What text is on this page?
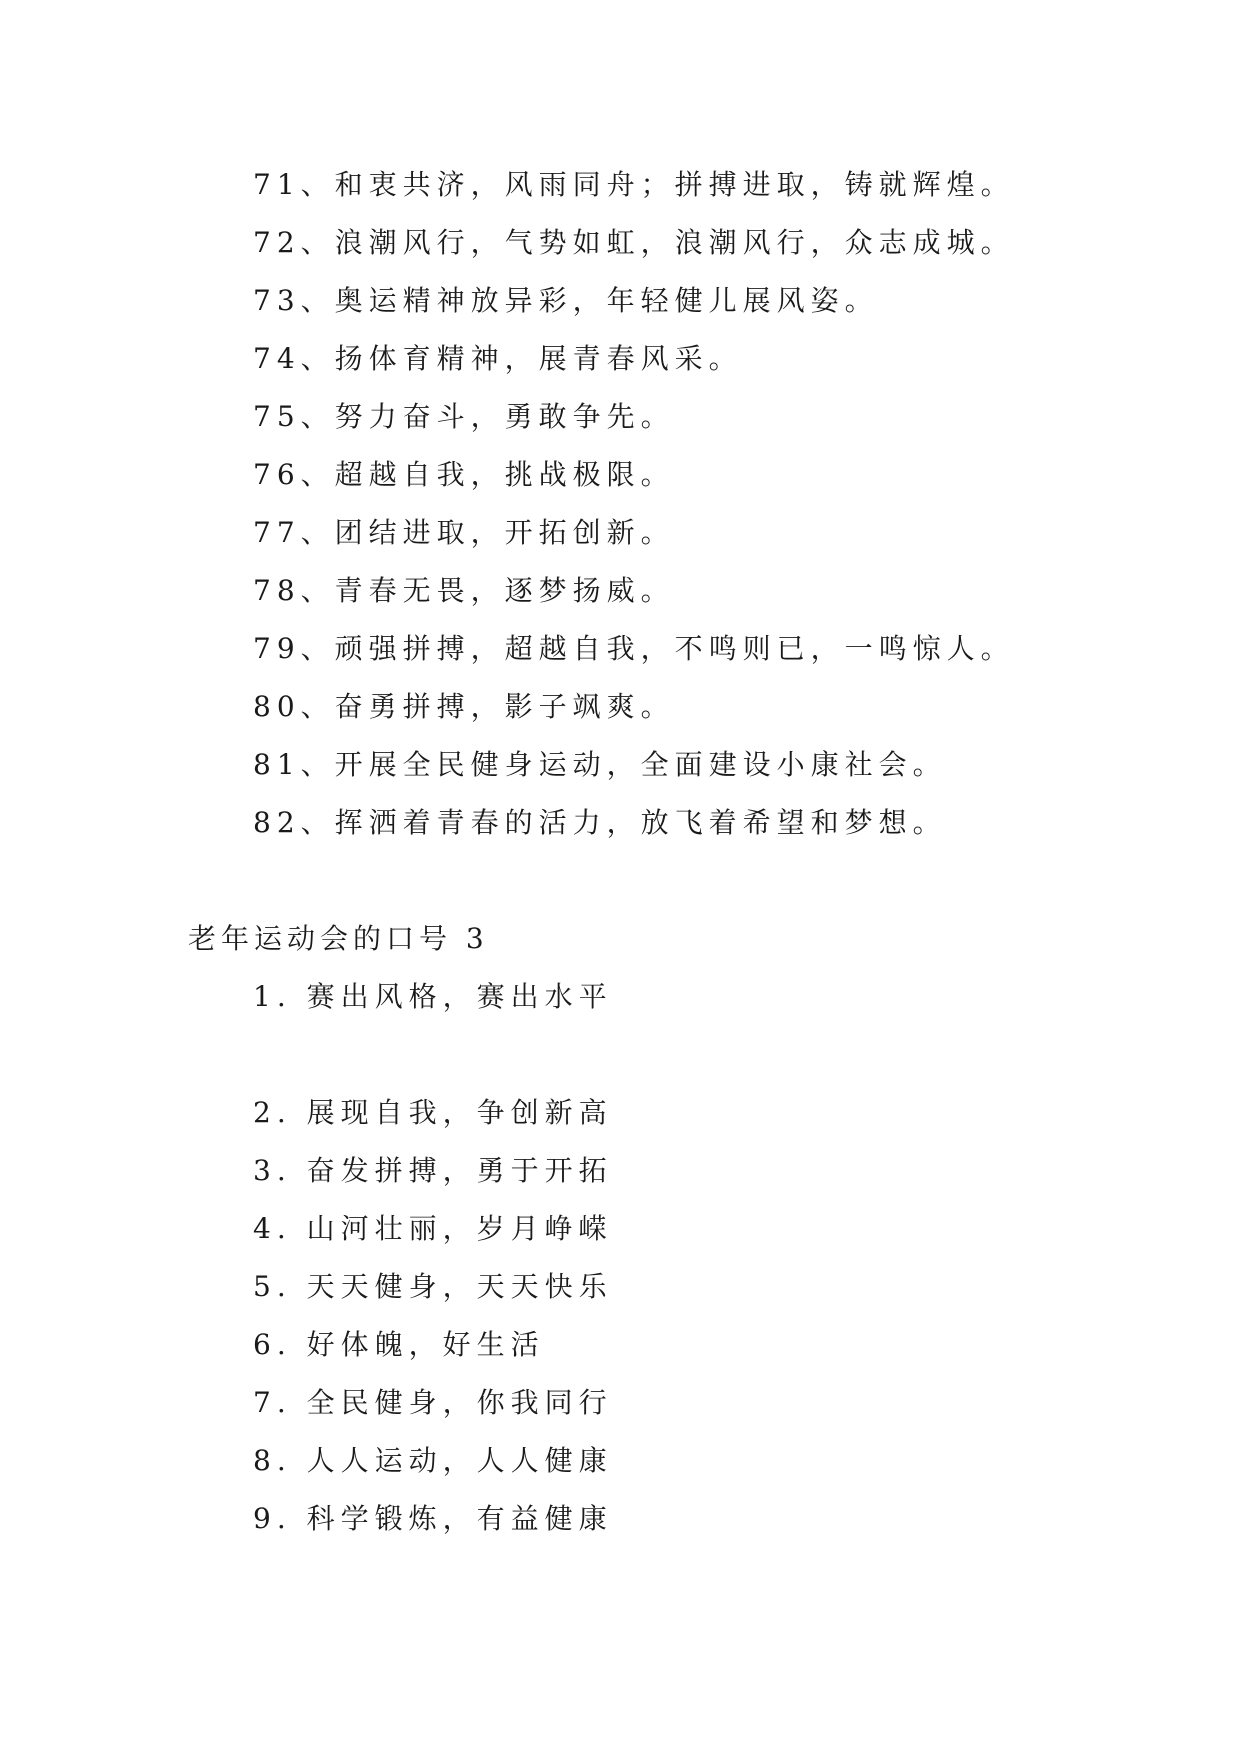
71、和衷共济，风雨同舟；拼搏进取，铸就辉煌。
72、浪潮风行，气势如虹，浪潮风行，众志成城。
73、奥运精神放异彩，年轻健儿展风姿。
74、扬体育精神，展青春风采。
75、努力奋斗，勇敢争先。
76、超越自我，挑战极限。
77、团结进取，开拓创新。
78、青春无畏，逐梦扬威。
79、顽强拼搏，超越自我，不鸣则已，一鸣惊人。
80、奋勇拼搏，影子飒爽。
81、开展全民健身运动，全面建设小康社会。
82、挥洒着青春的活力，放飞着希望和梦想。
老年运动会的口号 3
1. 赛出风格，赛出水平
2. 展现自我，争创新高
3. 奋发拼搏，勇于开拓
4. 山河壮丽，岁月峥嵘
5. 天天健身，天天快乐
6. 好体魄，好生活
7. 全民健身，你我同行
8. 人人运动，人人健康
9. 科学锻炼，有益健康
